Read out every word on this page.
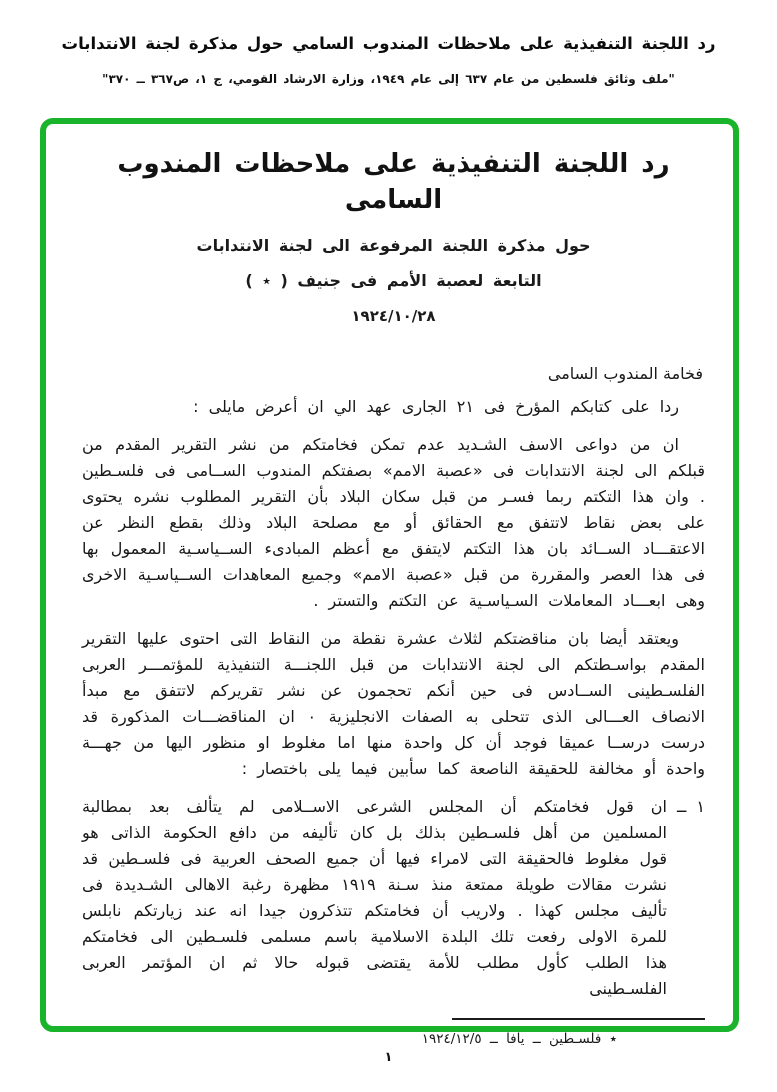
رد اللجنة التنفيذية على ملاحظات المندوب السامي حول مذكرة لجنة الانتدابات
"ملف وثائق فلسطين من عام ٦٣٧ إلى عام ١٩٤٩، وزارة الارشاد القومي، ج ١، ص٣٦٧ ــ ٣٧٠"
رد اللجنة التنفيذية على ملاحظات المندوب السامى
حول مذكرة اللجنة المرفوعة الى لجنة الانتدابات
التابعة لعصبة الأمم فى جنيف ( ٭ )
١٩٢٤/١٠/٢٨
فخامة المندوب السامى
ردا على كتابكم المؤرخ فى ٢١ الجارى عهد الي ان أعرض مايلى :
ان من دواعى الاسف الشـديد عدم تمكن فخامتكم من نشر التقرير المقدم من قبلكم الى لجنة الانتدابات فى «عصبة الامم» بصفتكم المندوب الســامى فى فلسـطين . وان هذا التكتم ربما فسـر من قبل سكان البلاد بأن التقرير المطلوب نشره يحتوى على بعض نقاط لاتتفق مع الحقائق أو مع مصلحة البلاد وذلك بقطع النظر عن الاعتقـــاد الســائد بان هذا التكتم لايتفق مع أعظم المبادىء الســياسـية المعمول بها فى هذا العصر والمقررة من قبل «عصبة الامم» وجميع المعاهدات الســياسـية الاخرى وهى ابعـــاد المعاملات السـياسـية عن التكتم والتستر .
ويعتقد أيضا بان مناقضتكم لثلاث عشرة نقطة من النقاط التى احتوى عليها التقرير المقدم بواسـطتكم الى لجنة الانتدابات من قبل اللجنـــة التنفيذية للمؤتمـــر العربى الفلسـطينى الســادس فى حين أنكم تحجمون عن نشر تقريركم لاتتفق مع مبدأ الانصاف العـــالى الذى تتحلى به الصفات الانجليزية ٠ ان المناقضـــات المذكورة قد درست درســا عميقا فوجد أن كل واحدة منها اما مغلوط او منظور اليها من جهـــة واحدة أو مخالفة للحقيقة الناصعة كما سأبين فيما يلى باختصار :
١ ــ
ان قول فخامتكم أن المجلس الشرعى الاســلامى لم يتألف بعد بمطالبة المسلمين من أهل فلسـطين بذلك بل كان تأليفه من دافع الحكومة الذاتى هو قول مغلوط فالحقيقة التى لامراء فيها أن جميع الصحف العربية فى فلسـطين قد نشرت مقالات طويلة ممتعة منذ سـنة ١٩١٩ مظهرة رغبة الاهالى الشـديدة فى تأليف مجلس كهذا . ولاريب أن فخامتكم تتذكرون جيدا انه عند زيارتكم نابلس للمرة الاولى رفعت تلك البلدة الاسلامية باسم مسلمى فلسـطين الى فخامتكم هذا الطلب كأول مطلب للأمة يقتضى قبوله حالا ثم ان المؤتمر العربى الفلسـطينى
٭ فلسـطين ــ يافا ــ ١٩٢٤/١٢/٥
١
